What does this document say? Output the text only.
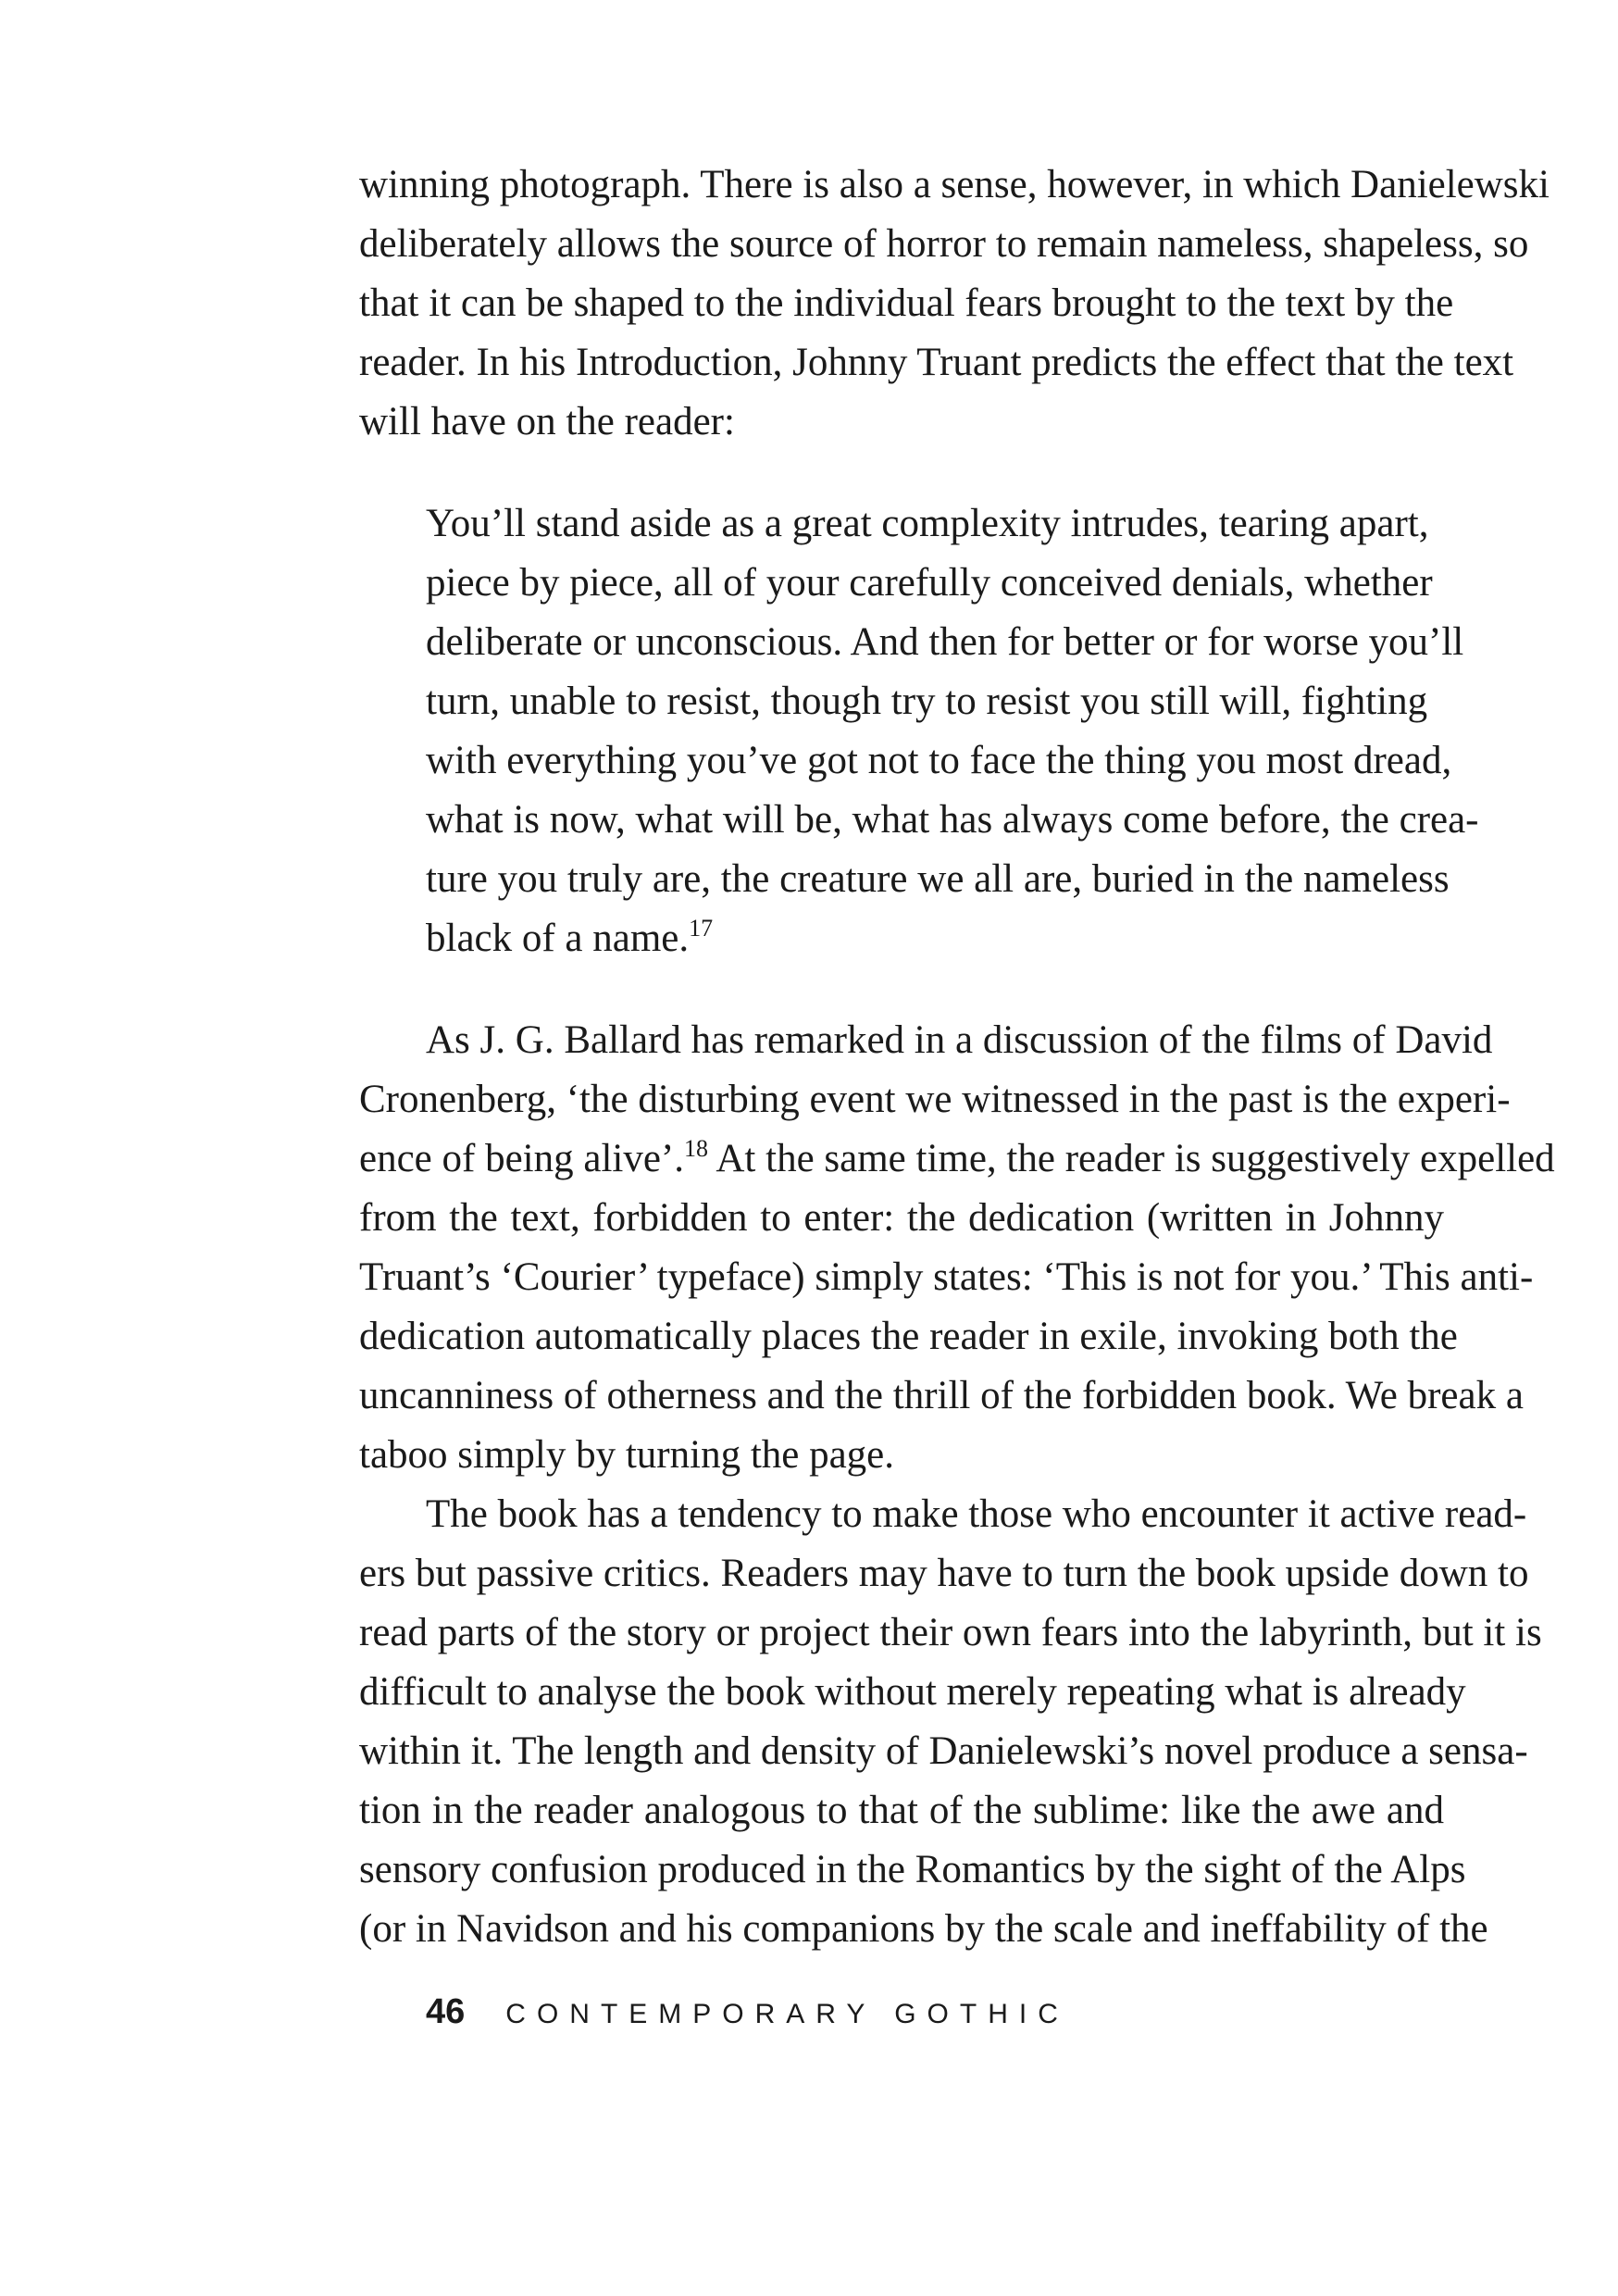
winning photograph. There is also a sense, however, in which Danielewski
deliberately allows the source of horror to remain nameless, shapeless, so
that it can be shaped to the individual fears brought to the text by the
reader. In his Introduction, Johnny Truant predicts the effect that the text
will have on the reader:
You’ll stand aside as a great complexity intrudes, tearing apart,
piece by piece, all of your carefully conceived denials, whether
deliberate or unconscious. And then for better or for worse you’ll
turn, unable to resist, though try to resist you still will, fighting
with everything you’ve got not to face the thing you most dread,
what is now, what will be, what has always come before, the crea-
ture you truly are, the creature we all are, buried in the nameless
black of a name.$^{17}$
As J. G. Ballard has remarked in a discussion of the films of David
Cronenberg, ‘the disturbing event we witnessed in the past is the experi-
ence of being alive’.$^{18}$ At the same time, the reader is suggestively expelled
from the text, forbidden to enter: the dedication (written in Johnny
Truant’s ‘Courier’ typeface) simply states: ‘This is not for you.’ This anti-
dedication automatically places the reader in exile, invoking both the
uncanniness of otherness and the thrill of the forbidden book. We break a
taboo simply by turning the page.
The book has a tendency to make those who encounter it active read-
ers but passive critics. Readers may have to turn the book upside down to
read parts of the story or project their own fears into the labyrinth, but it is
difficult to analyse the book without merely repeating what is already
within it. The length and density of Danielewski’s novel produce a sensa-
tion in the reader analogous to that of the sublime: like the awe and
sensory confusion produced in the Romantics by the sight of the Alps
(or in Navidson and his companions by the scale and ineffability of the
46 CONTEMPORARY GOTHIC
